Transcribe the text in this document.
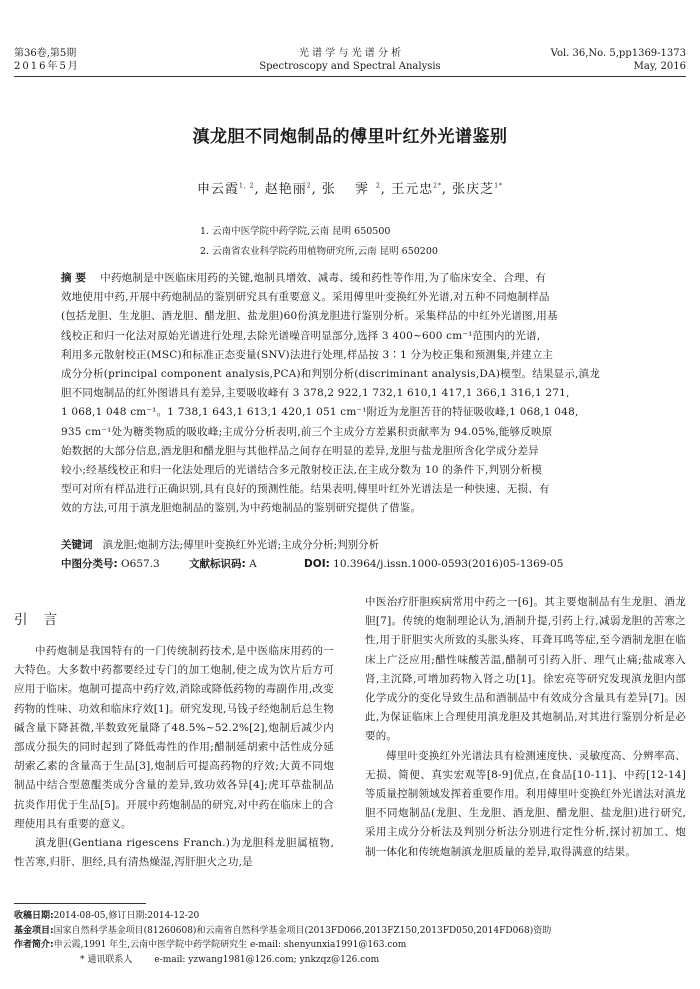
第36卷,第5期
2016年5月
光 谱 学 与 光 谱 分 析
Spectroscopy and Spectral Analysis
Vol. 36,No. 5,pp1369-1373
May, 2016
滇龙胆不同炮制品的傅里叶红外光谱鉴别
申云霞$^{1, 2}$, 赵艳丽$^2$, 张 霁$^2$, 王元忠$^{2*}$, 张庆芝$^{1*}$
1. 云南中医学院中药学院,云南 昆明 650500
2. 云南省农业科学院药用植物研究所,云南 昆明 650200
摘 要 中药炮制是中医临床用药的关键,炮制具增效、减毒、缓和药性等作用,为了临床安全、合理、有
效地使用中药,开展中药炮制品的鉴别研究具有重要意义。采用傅里叶变换红外光谱,对五种不同炮制样品
(包括龙胆、生龙胆、酒龙胆、醋龙胆、盐龙胆)60份滇龙胆进行鉴别分析。采集样品的中红外光谱图,用基
线校正和归一化法对原始光谱进行处理,去除光谱噪音明显部分,选择 3 400~600 cm⁻¹范围内的光谱,
利用多元散射校正(MSC)和标准正态变量(SNV)法进行处理,样品按 3∶1 分为校正集和预测集,并建立主
成分分析(principal component analysis,PCA)和判别分析(discriminant analysis,DA)模型。结果显示,滇龙
胆不同炮制品的红外图谱具有差异,主要吸收峰有 3 378,2 922,1 732,1 610,1 417,1 366,1 316,1 271,
1 068,1 048 cm⁻¹。1 738,1 643,1 613,1 420,1 051 cm⁻¹附近为龙胆苦苷的特征吸收峰,1 068,1 048,
935 cm⁻¹处为糖类物质的吸收峰;主成分分析表明,前三个主成分方差累积贡献率为 94.05%,能够反映原
始数据的大部分信息,酒龙胆和醋龙胆与其他样品之间存在明显的差异,龙胆与盐龙胆所含化学成分差异
较小;经基线校正和归一化法处理后的光谱结合多元散射校正法,在主成分数为 10 的条件下,判别分析模
型可对所有样品进行正确识别,具有良好的预测性能。结果表明,傅里叶红外光谱法是一种快速、无损、有
效的方法,可用于滇龙胆炮制品的鉴别,为中药炮制品的鉴别研究提供了借鉴。
关键词 滇龙胆;炮制方法;傅里叶变换红外光谱;主成分分析;判别分析
中图分类号: O657.3	文献标识码: A	DOI: 10.3964/j.issn.1000-0593(2016)05-1369-05
引 言

中药炮制是我国特有的一门传统制药技术,是中医临床用药的一大特色。大多数中药都要经过专门的加工炮制,使之成为饮片后方可应用于临床。炮制可提高中药疗效,消除或降低药物的毒副作用,改变药物的性味、功效和临床疗效[1]。研究发现,马钱子经炮制后总生物碱含量下降甚微,半数致死量降了48.5%~52.2%[2],炮制后减少内部成分损失的同时起到了降低毒性的作用;醋制延胡索中活性成分延胡索乙素的含量高于生品[3],炮制后可提高药物的疗效;大黄不同炮制品中结合型蒽醌类成分含量的差异,致功效各异[4];虎耳草盐制品抗炎作用优于生品[5]。开展中药炮制品的研究,对中药在临床上的合理使用具有重要的意义。

滇龙胆(Gentiana rigescens Franch.)为龙胆科龙胆属植物,性苦寒,归肝、胆经,具有清热燥湿,泻肝胆火之功,是

中医治疗肝胆疾病常用中药之一[6]。其主要炮制品有生龙胆、酒龙胆[7]。传统的炮制理论认为,酒制升提,引药上行,减弱龙胆的苦寒之性,用于肝胆实火所致的头胀头疼、耳聋耳鸣等症,至今酒制龙胆在临床上广泛应用;醋性味酸苦温,醋制可引药入肝、理气止痛;盐咸寒入肾,主沉降,可增加药物入肾之功[1]。徐宏亮等研究发现滇龙胆内部化学成分的变化导致生品和酒制品中有效成分含量具有差异[7]。因此,为保证临床上合理使用滇龙胆及其炮制品,对其进行鉴别分析是必要的。

傅里叶变换红外光谱法具有检测速度快、灵敏度高、分辨率高、无损、简便、真实宏观等[8-9]优点,在食品[10-11]、中药[12-14]等质量控制领域发挥着重要作用。利用傅里叶变换红外光谱法对滇龙胆不同炮制品(龙胆、生龙胆、酒龙胆、醋龙胆、盐龙胆)进行研究,采用主成分分析法及判别分析法分别进行定性分析,探讨初加工、炮制一体化和传统炮制滇龙胆质量的差异,取得满意的结果。

收稿日期:2014-08-05,修订日期:2014-12-20
基金项目:国家自然科学基金项目(81260608)和云南省自然科学基金项目(2013FD066,2013FZ150,2013FD050,2014FD068)资助
作者简介:申云霞,1991 年生,云南中医学院中药学院研究生 e-mail: shenyunxia1991@163.com
* 通讯联系人 e-mail: yzwang1981@126.com; ynkzqz@126.com
